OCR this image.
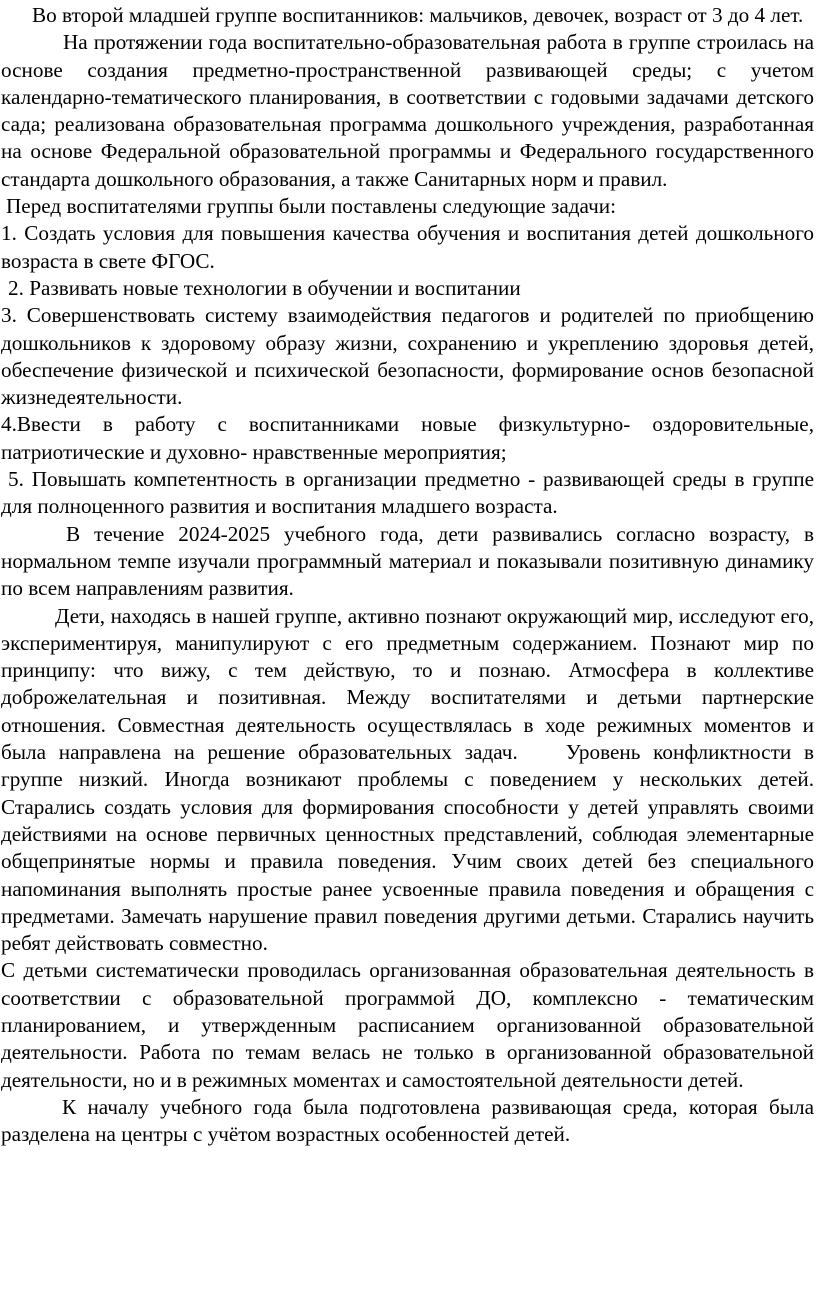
Во второй младшей группе воспитанников: мальчиков, девочек, возраст от 3 до 4 лет.

На протяжении года воспитательно-образовательная работа в группе строилась на основе создания предметно-пространственной развивающей среды; с учетом календарно-тематического планирования, в соответствии с годовыми задачами детского сада; реализована образовательная программа дошкольного учреждения, разработанная на основе Федеральной образовательной программы и Федерального государственного стандарта дошкольного образования, а также Санитарных норм и правил.

Перед воспитателями группы были поставлены следующие задачи:

1. Создать условия для повышения качества обучения и воспитания детей дошкольного возраста в свете ФГОС.

2. Развивать новые технологии в обучении и воспитании

3. Совершенствовать систему взаимодействия педагогов и родителей по приобщению дошкольников к здоровому образу жизни, сохранению и укреплению здоровья детей, обеспечение физической и психической безопасности, формирование основ безопасной жизнедеятельности.

4.Ввести в работу с воспитанниками новые физкультурно- оздоровительные, патриотические и духовно- нравственные мероприятия;

5. Повышать компетентность в организации предметно - развивающей среды в группе для полноценного развития и воспитания младшего возраста.

В течение 2024-2025 учебного года, дети развивались согласно возрасту, в нормальном темпе изучали программный материал и показывали позитивную динамику по всем направлениям развития.

Дети, находясь в нашей группе, активно познают окружающий мир, исследуют его, экспериментируя, манипулируют с его предметным содержанием. Познают мир по принципу: что вижу, с тем действую, то и познаю. Атмосфера в коллективе доброжелательная и позитивная. Между воспитателями и детьми партнерские отношения. Совместная деятельность осуществлялась в ходе режимных моментов и была направлена на решение образовательных задач. Уровень конфликтности в группе низкий. Иногда возникают проблемы с поведением у нескольких детей. Старались создать условия для формирования способности у детей управлять своими действиями на основе первичных ценностных представлений, соблюдая элементарные общепринятые нормы и правила поведения. Учим своих детей без специального напоминания выполнять простые ранее усвоенные правила поведения и обращения с предметами. Замечать нарушение правил поведения другими детьми. Старались научить ребят действовать совместно.

С детьми систематически проводилась организованная образовательная деятельность в соответствии с образовательной программой ДО, комплексно - тематическим планированием, и утвержденным расписанием организованной образовательной деятельности. Работа по темам велась не только в организованной образовательной деятельности, но и в режимных моментах и самостоятельной деятельности детей.

К началу учебного года была подготовлена развивающая среда, которая была разделена на центры с учётом возрастных особенностей детей.
